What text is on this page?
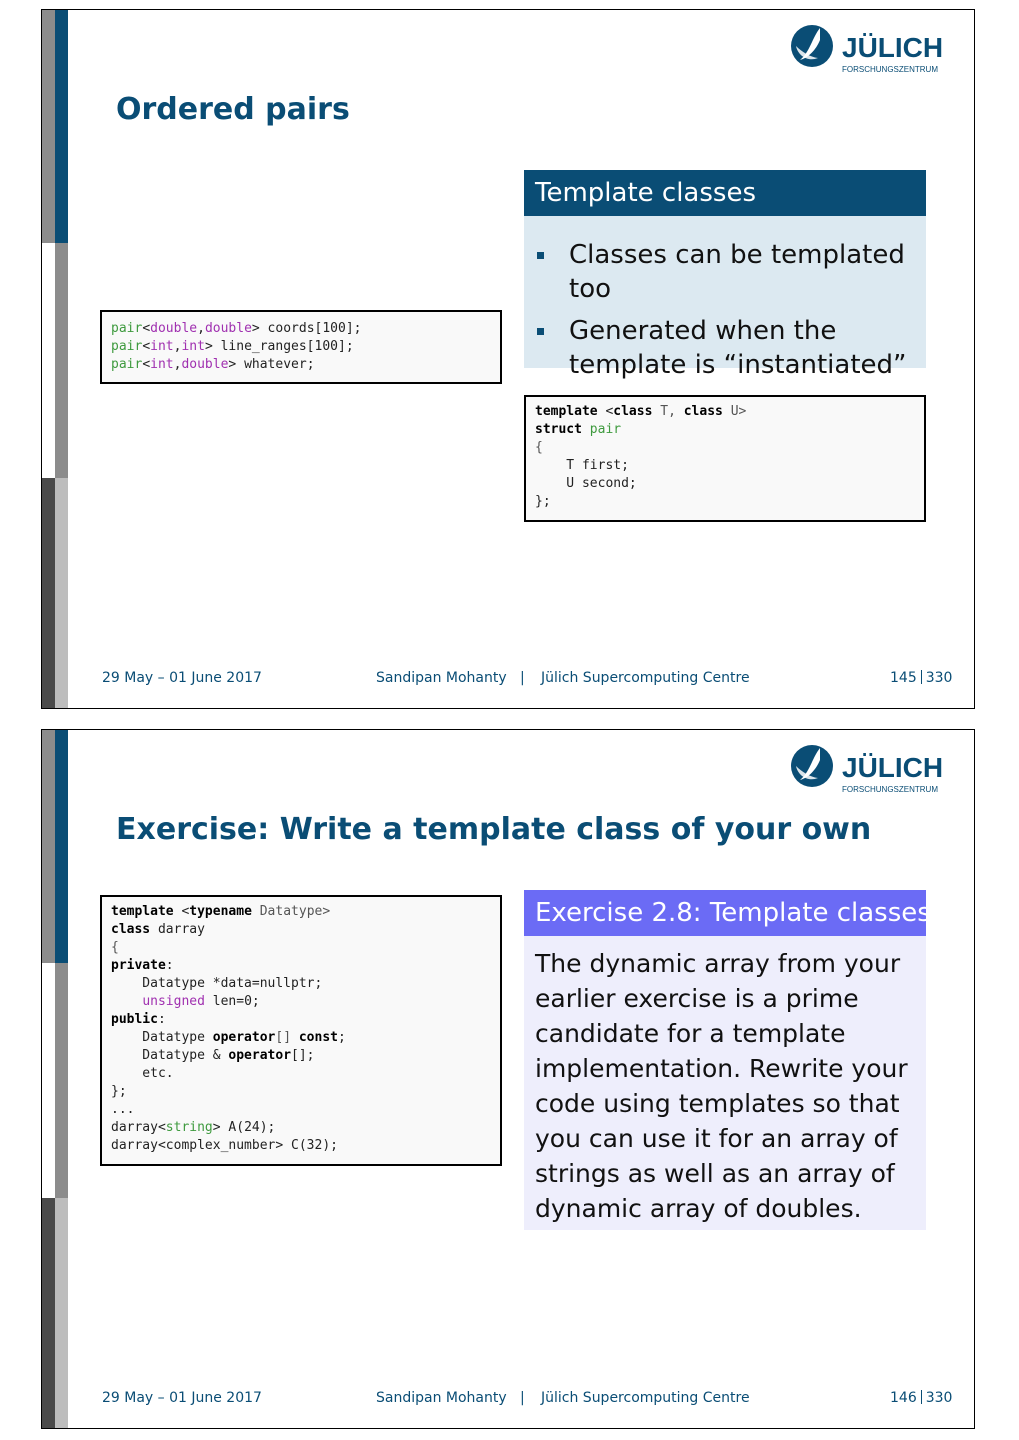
JÜLICH
FORSCHUNGSZENTRUM
Ordered pairs
pair<double,double> coords[100];
pair<int,int> line_ranges[100];
pair<int,double> whatever;
Template classes
Classes can be templated too
Generated when the template is “instantiated”
template <class T, class U>
struct pair
{
T first;
U second;
};
29 May – 01 June 2017	Sandipan Mohanty | Jülich Supercomputing Centre	145 330
JÜLICH
FORSCHUNGSZENTRUM
Exercise: Write a template class of your own
template <typename Datatype>
class darray
{
private:
Datatype *data=nullptr;
unsigned len=0;
public:
Datatype operator[] const;
Datatype & operator[];
etc.
};
...
darray<string> A(24);
darray<complex_number> C(32);
Exercise 2.8: Template classes
The dynamic array from your earlier exercise is a prime candidate for a template implementation. Rewrite your code using templates so that you can use it for an array of strings as well as an array of dynamic array of doubles.
29 May – 01 June 2017	Sandipan Mohanty | Jülich Supercomputing Centre	146 330
